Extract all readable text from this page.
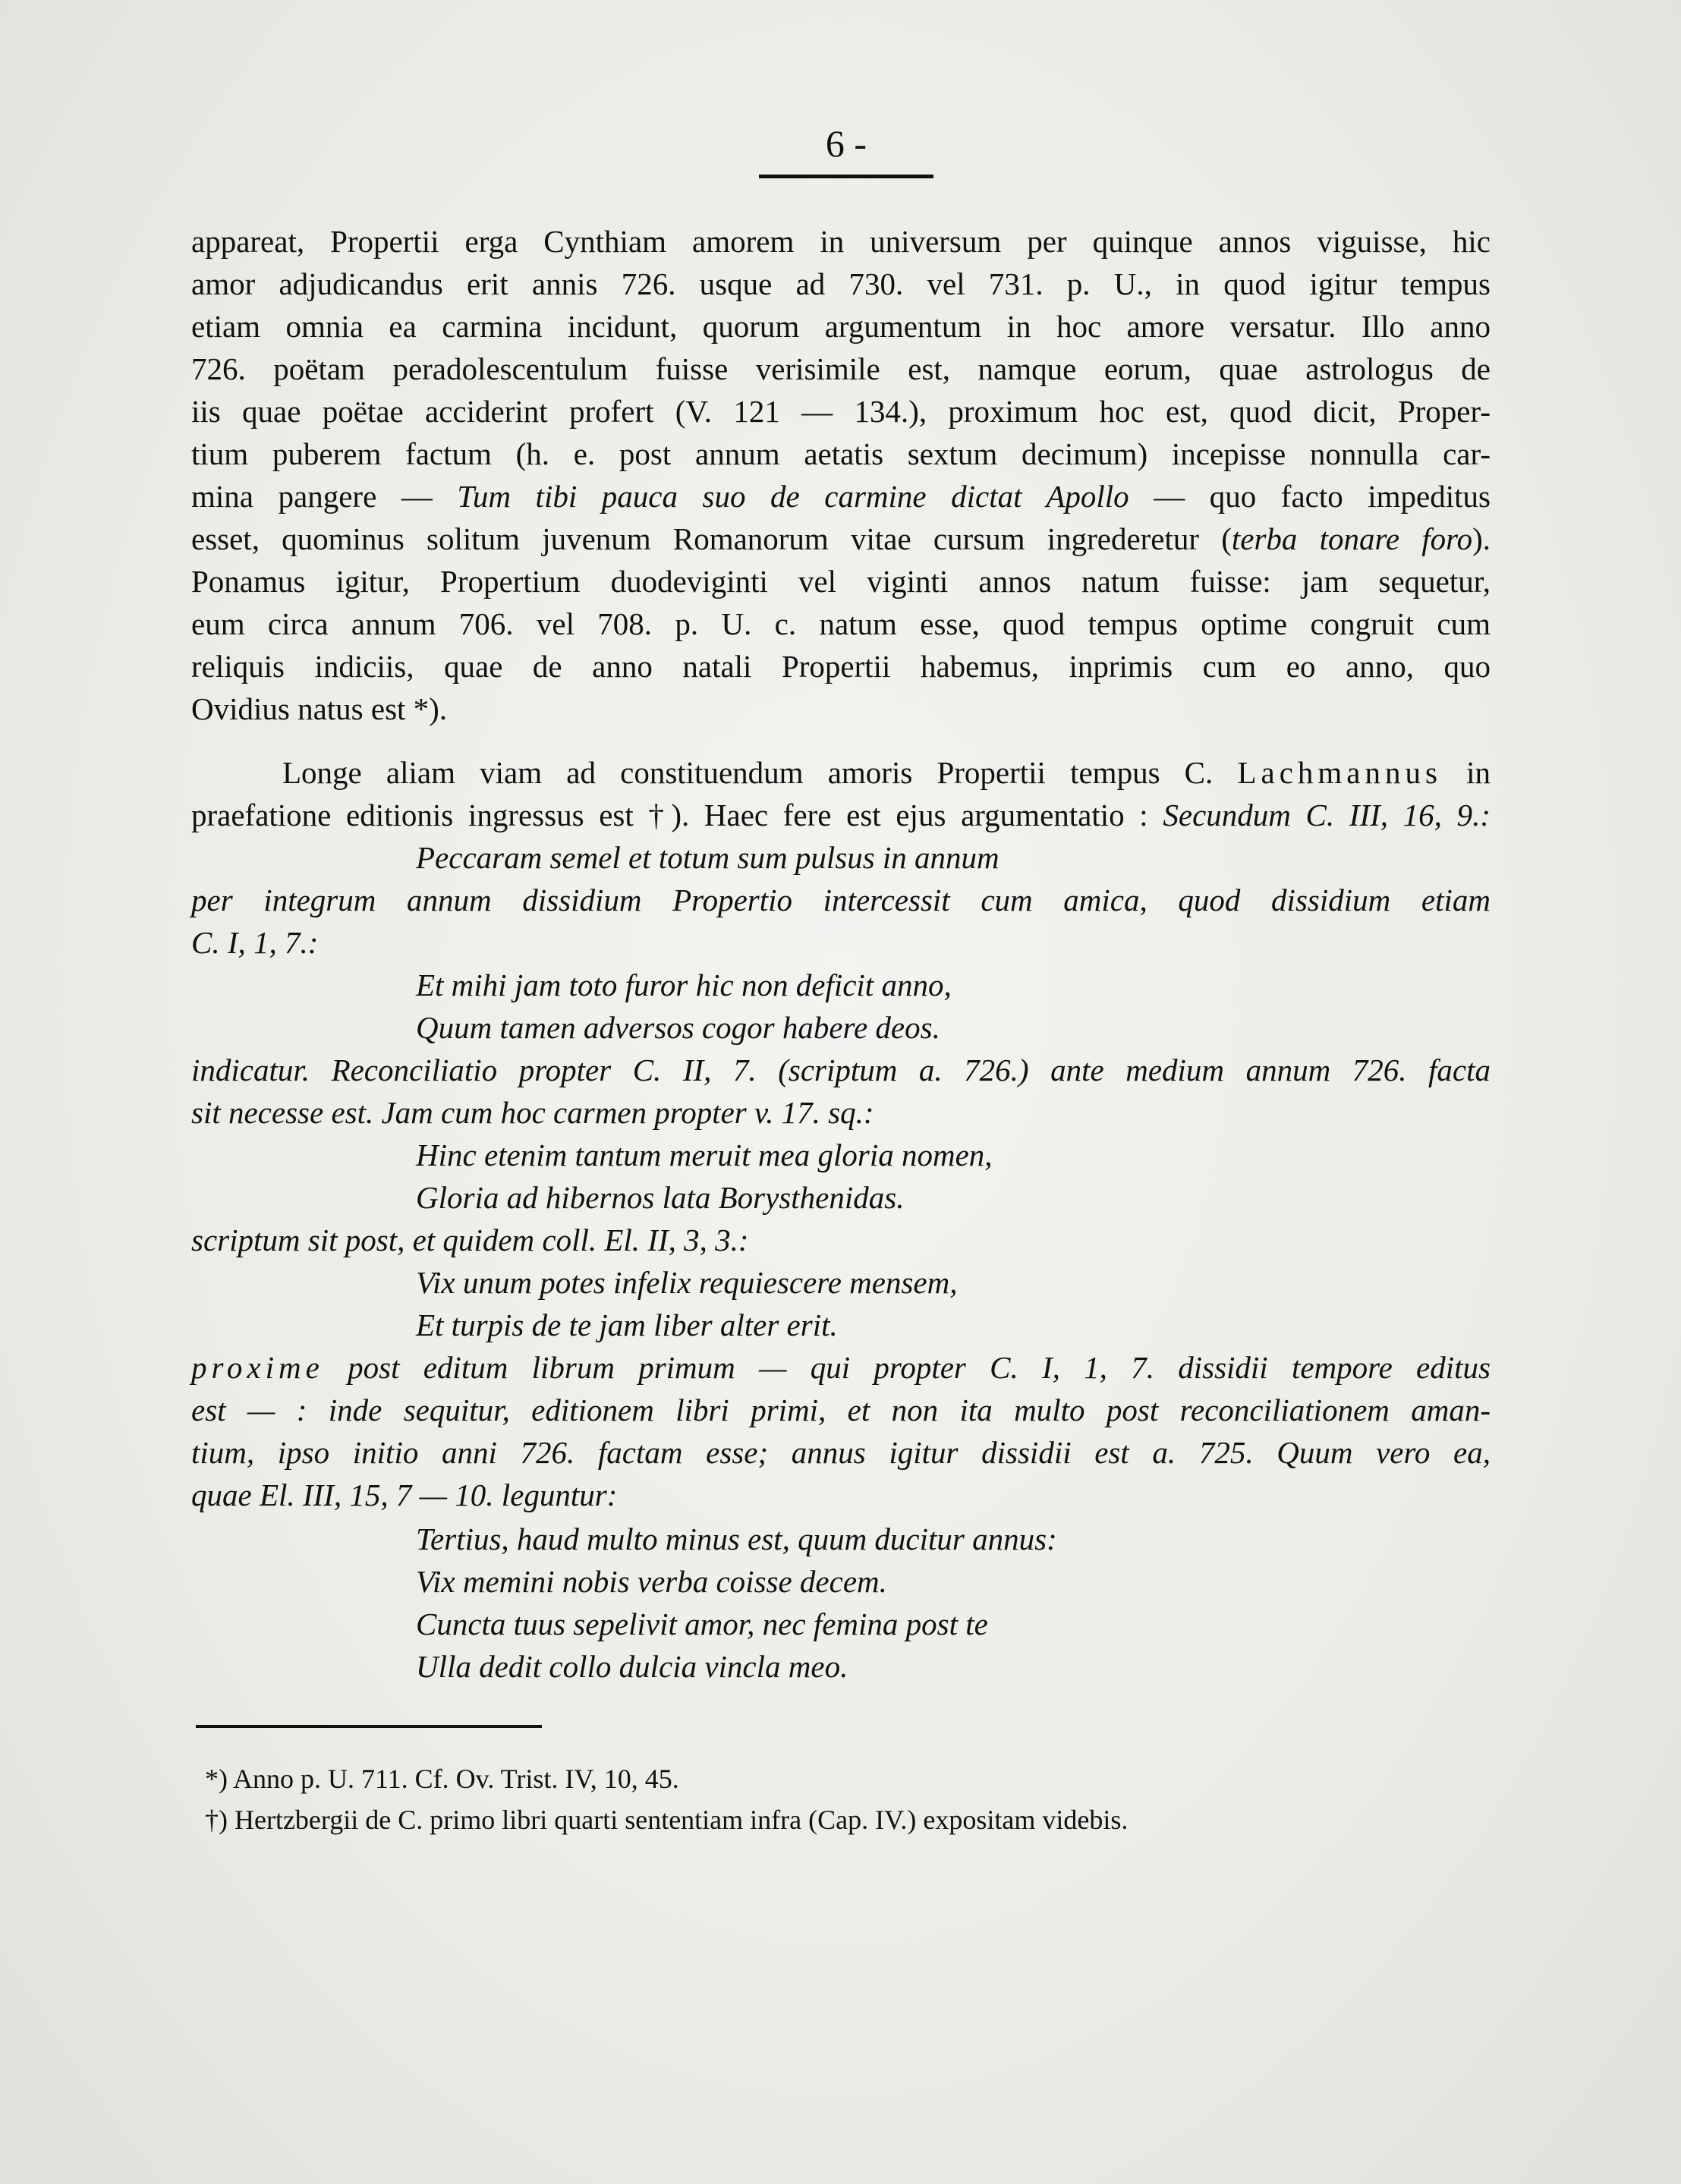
6 -
appareat, Propertii erga Cynthiam amorem in universum per quinque annos viguisse, hic
amor adjudicandus erit annis 726. usque ad 730. vel 731. p. U., in quod igitur tempus
etiam omnia ea carmina incidunt, quorum argumentum in hoc amore versatur. Illo anno
726. poëtam peradolescentulum fuisse verisimile est, namque eorum, quae astrologus de
iis quae poëtae acciderint profert (V. 121 — 134.), proximum hoc est, quod dicit, Proper-
tium puberem factum (h. e. post annum aetatis sextum decimum) incepisse nonnulla car-
mina pangere — Tum tibi pauca suo de carmine dictat Apollo — quo facto impeditus
esset, quominus solitum juvenum Romanorum vitae cursum ingrederetur (terba tonare foro).
Ponamus igitur, Propertium duodeviginti vel viginti annos natum fuisse: jam sequetur,
eum circa annum 706. vel 708. p. U. c. natum esse, quod tempus optime congruit cum
reliquis indiciis, quae de anno natali Propertii habemus, inprimis cum eo anno, quo
Ovidius natus est *).
Longe aliam viam ad constituendum amoris Propertii tempus C. Lachmannus in
praefatione editionis ingressus est †). Haec fere est ejus argumentatio : Secundum C. III, 16, 9.:
Peccaram semel et totum sum pulsus in annum
per integrum annum dissidium Propertio intercessit cum amica, quod dissidium etiam
C. I, 1, 7.:
Et mihi jam toto furor hic non deficit anno,
Quum tamen adversos cogor habere deos.
indicatur. Reconciliatio propter C. II, 7. (scriptum a. 726.) ante medium annum 726. facta
sit necesse est. Jam cum hoc carmen propter v. 17. sq.:
Hinc etenim tantum meruit mea gloria nomen,
Gloria ad hibernos lata Borysthenidas.
scriptum sit post, et quidem coll. El. II, 3, 3.:
Vix unum potes infelix requiescere mensem,
Et turpis de te jam liber alter erit.
proxime post editum librum primum — qui propter C. I, 1, 7. dissidii tempore editus
est — : inde sequitur, editionem libri primi, et non ita multo post reconciliationem aman-
tium, ipso initio anni 726. factam esse; annus igitur dissidii est a. 725. Quum vero ea,
quae El. III, 15, 7 — 10. leguntur:
Tertius, haud multo minus est, quum ducitur annus:
Vix memini nobis verba coisse decem.
Cuncta tuus sepelivit amor, nec femina post te
Ulla dedit collo dulcia vincla meo.
*) Anno p. U. 711. Cf. Ov. Trist. IV, 10, 45.
†) Hertzbergii de C. primo libri quarti sententiam infra (Cap. IV.) expositam videbis.
